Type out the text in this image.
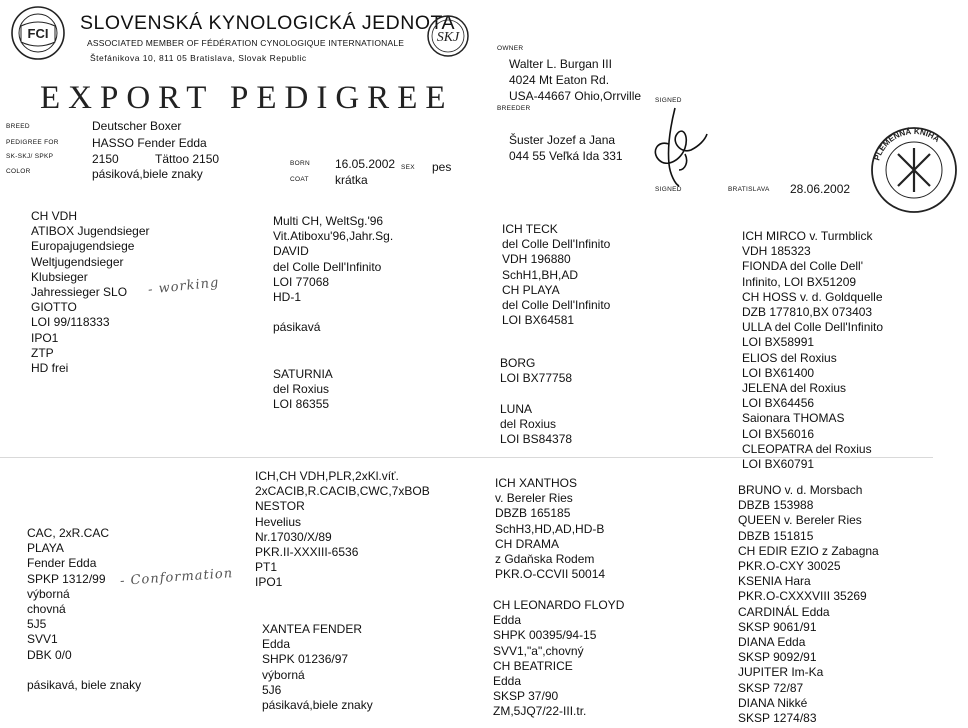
FCI SLOVENSKÁ KYNOLOGICKÁ JEDNOTA
ASSOCIATED MEMBER OF FÉDÉRATION CYNOLOGIQUE INTERNATIONALE
Štefánikova 10, 811 05 Bratislava, Slovak Republic
SKJ
EXPORT PEDIGREE
OWNER
Walter L. Burgan III
4024 Mt Eaton Rd.
USA-44667 Ohio,Orrville SIGNED
BREEDER
Šuster Jozef a Jana
044 55 Veľká Ida 331
SIGNED	BRATISLAVA 28.06.2002
PLEMENNÁ KNIHA
BREED	Deutscher Boxer
PEDIGREE FOR	HASSO Fender Edda
SK-SKJ/ SPKP	2150	Tättoo 2150
COLOR	pásiková,biele znaky
BORN 16.05.2002 SEX pes
COAT krátka
CH VDH
ATIBOX Jugendsieger
Europajugendsiege
Weltjugendsieger
Klubsieger
Jahressieger SLO
GIOTTO
LOI 99/118333
IPO1
ZTP
HD frei
- working
Multi CH, WeltSg.'96
Vit.Atiboxu'96,Jahr.Sg.
DAVID
del Colle Dell'Infinito
LOI 77068
HD-1
pásikavá
SATURNIA
del Roxius
LOI 86355
ICH TECK
del Colle Dell'Infinito
VDH 196880
SchH1,BH,AD
CH PLAYA
del Colle Dell'Infinito
LOI BX64581
BORG
LOI BX77758
LUNA
del Roxius
LOI BS84378
ICH MIRCO v. Turmblick
VDH 185323
FIONDA del Colle Dell'
Infinito, LOI BX51209
CH HOSS v. d. Goldquelle
DZB 177810,BX 073403
ULLA del Colle Dell'Infinito
LOI BX58991
ELIOS del Roxius
LOI BX61400
JELENA del Roxius
LOI BX64456
Saionara THOMAS
LOI BX56016
CLEOPATRA del Roxius
LOI BX60791
CAC, 2xR.CAC
PLAYA
Fender Edda
SPKP 1312/99
výborná
chovná
5J5
SVV1
DBK 0/0
pásikavá, biele znaky
- Conformation
ICH,CH VDH,PLR,2xKl.víť.
2xCACIB,R.CACIB,CWC,7xBOB
NESTOR
Hevelius
Nr.17030/X/89
PKR.II-XXXIII-6536
PT1
IPO1
XANTEA FENDER
Edda
SHPK 01236/97
výborná
5J6
pásikavá,biele znaky
ICH XANTHOS
v. Bereler Ries
DBZB 165185
SchH3,HD,AD,HD-B
CH DRAMA
z Gdaňska Rodem
PKR.O-CCVII 50014
CH LEONARDO FLOYD
Edda
SHPK 00395/94-15
SVV1,"a",chovný
CH BEATRICE
Edda
SKSP 37/90
ZM,5JQ7/22-III.tr.
BRUNO v. d. Morsbach
DBZB 153988
QUEEN v. Bereler Ries
DBZB 151815
CH EDIR EZIO z Zabagna
PKR.O-CXY 30025
KSENIA Hara
PKR.O-CXXXVIII 35269
CARDINÁL Edda
SKSP 9061/91
DIANA Edda
SKSP 9092/91
JUPITER Im-Ka
SKSP 72/87
DIANA Nikké
SKSP 1274/83
